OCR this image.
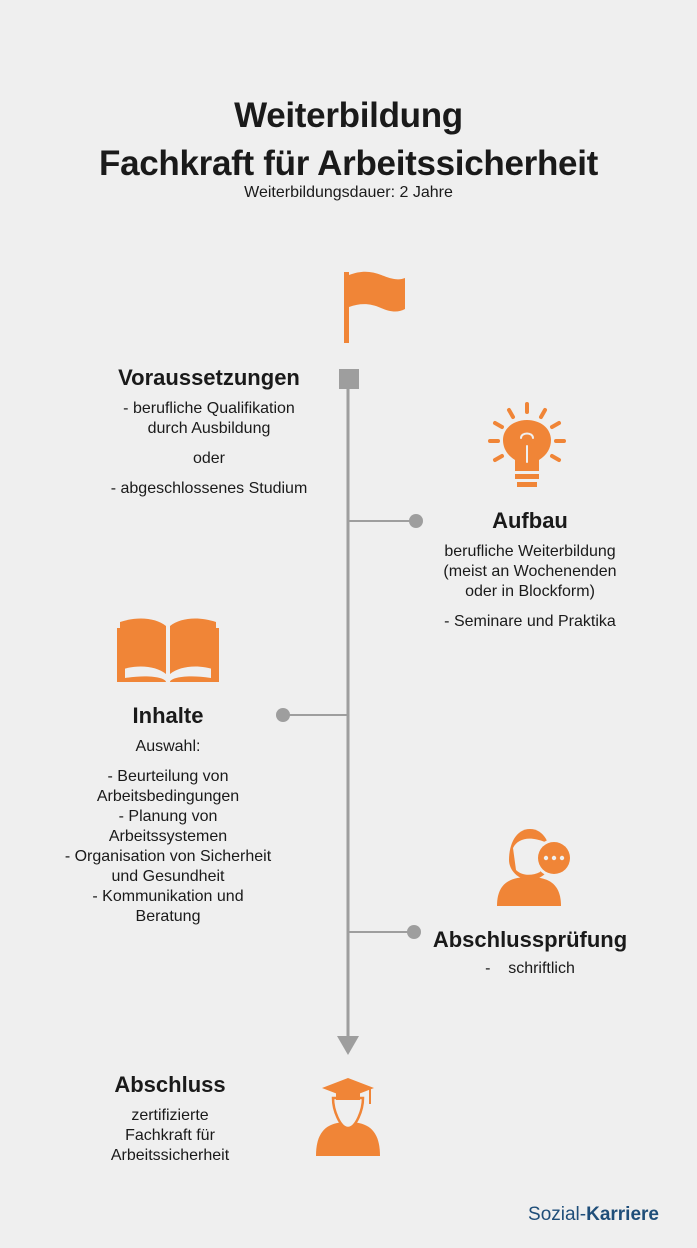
Weiterbildung
Fachkraft für Arbeitssicherheit
Weiterbildungsdauer: 2 Jahre
Voraussetzungen
- berufliche Qualifikation
durch Ausbildung
oder
- abgeschlossenes Studium
Aufbau
berufliche Weiterbildung
(meist an Wochenenden
oder in Blockform)
- Seminare und Praktika
Inhalte
Auswahl:
- Beurteilung von
Arbeitsbedingungen
- Planung von
Arbeitssystemen
- Organisation von Sicherheit
und Gesundheit
- Kommunikation und
Beratung
Abschlussprüfung
-    schriftlich
Abschluss
zertifizierte
Fachkraft für
Arbeitssicherheit
Sozial-Karriere
